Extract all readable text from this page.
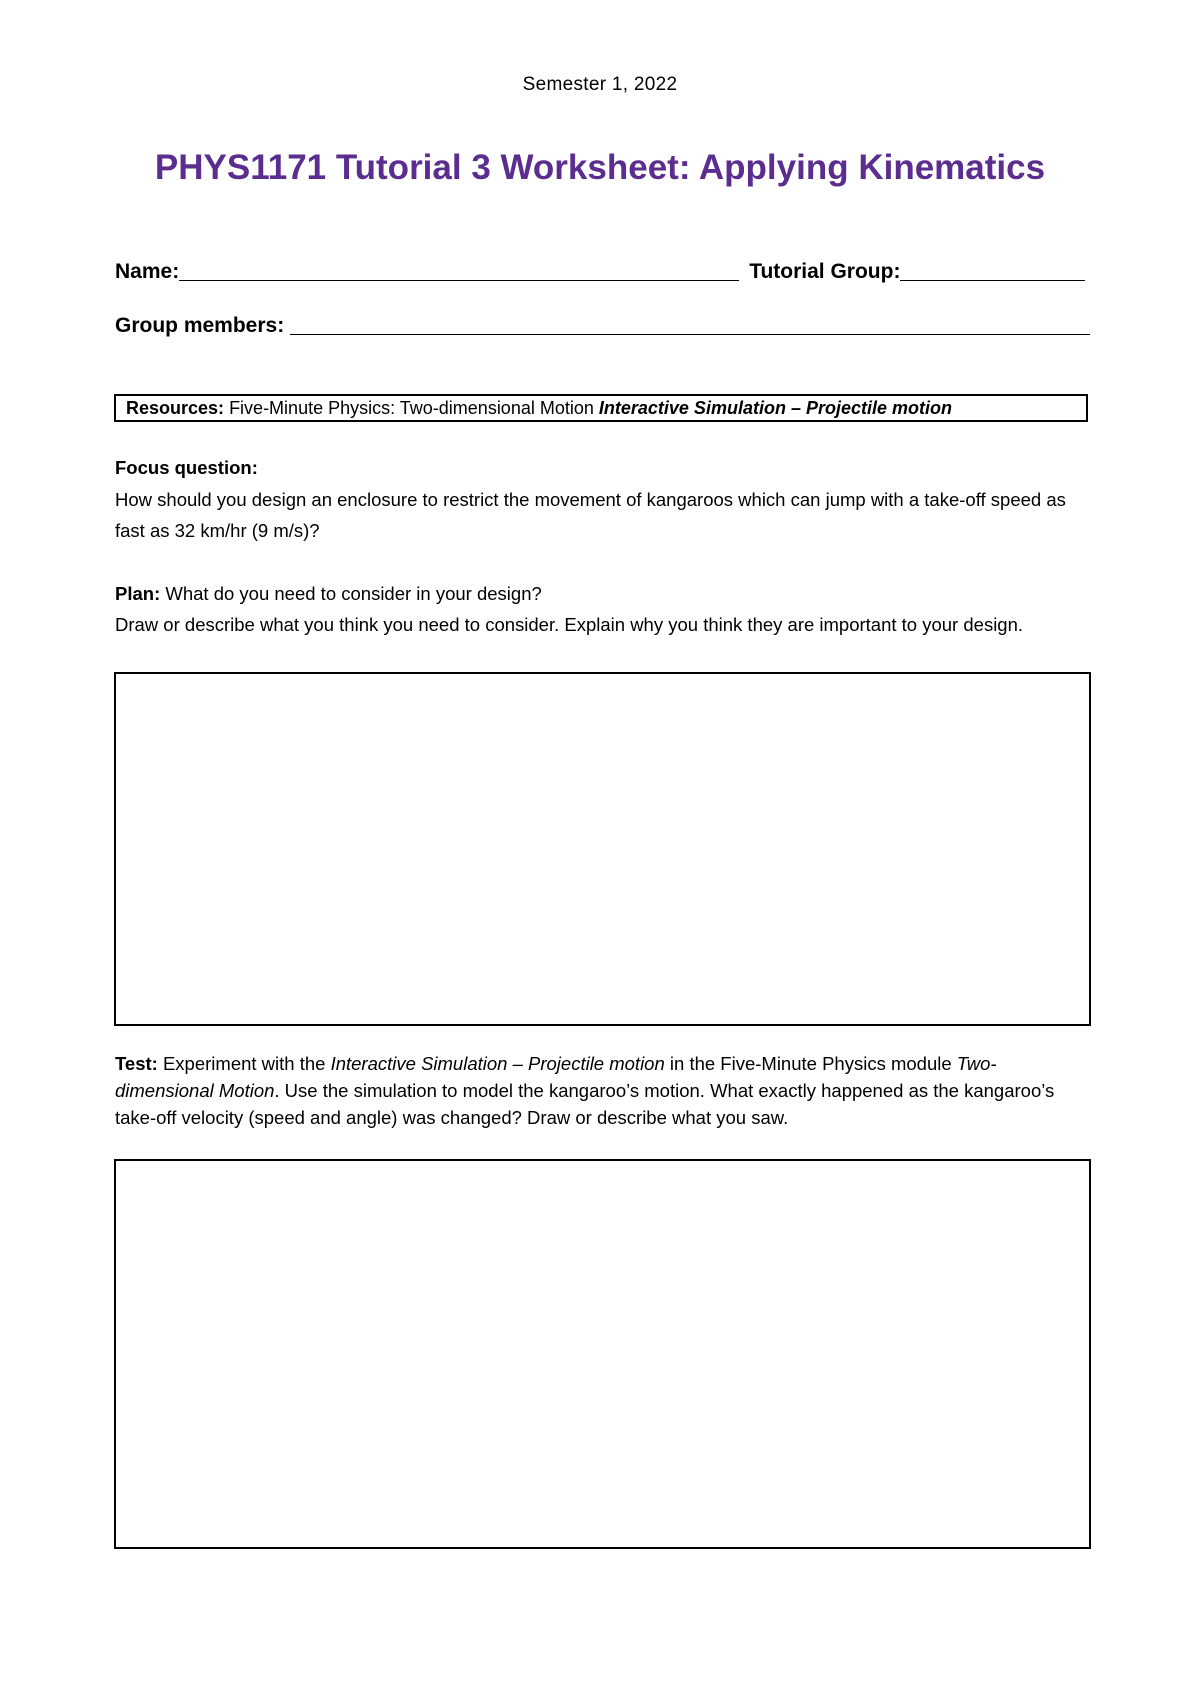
Semester 1, 2022
PHYS1171 Tutorial 3 Worksheet: Applying Kinematics
Name:	Tutorial Group:
Group members:
Resources: Five-Minute Physics: Two-dimensional Motion Interactive Simulation – Projectile motion
Focus question:
How should you design an enclosure to restrict the movement of kangaroos which can jump with a take-off speed as fast as 32 km/hr (9 m/s)?
Plan: What do you need to consider in your design?
Draw or describe what you think you need to consider. Explain why you think they are important to your design.
Test: Experiment with the Interactive Simulation – Projectile motion in the Five-Minute Physics module Two-dimensional Motion. Use the simulation to model the kangaroo’s motion. What exactly happened as the kangaroo’s take-off velocity (speed and angle) was changed? Draw or describe what you saw.
